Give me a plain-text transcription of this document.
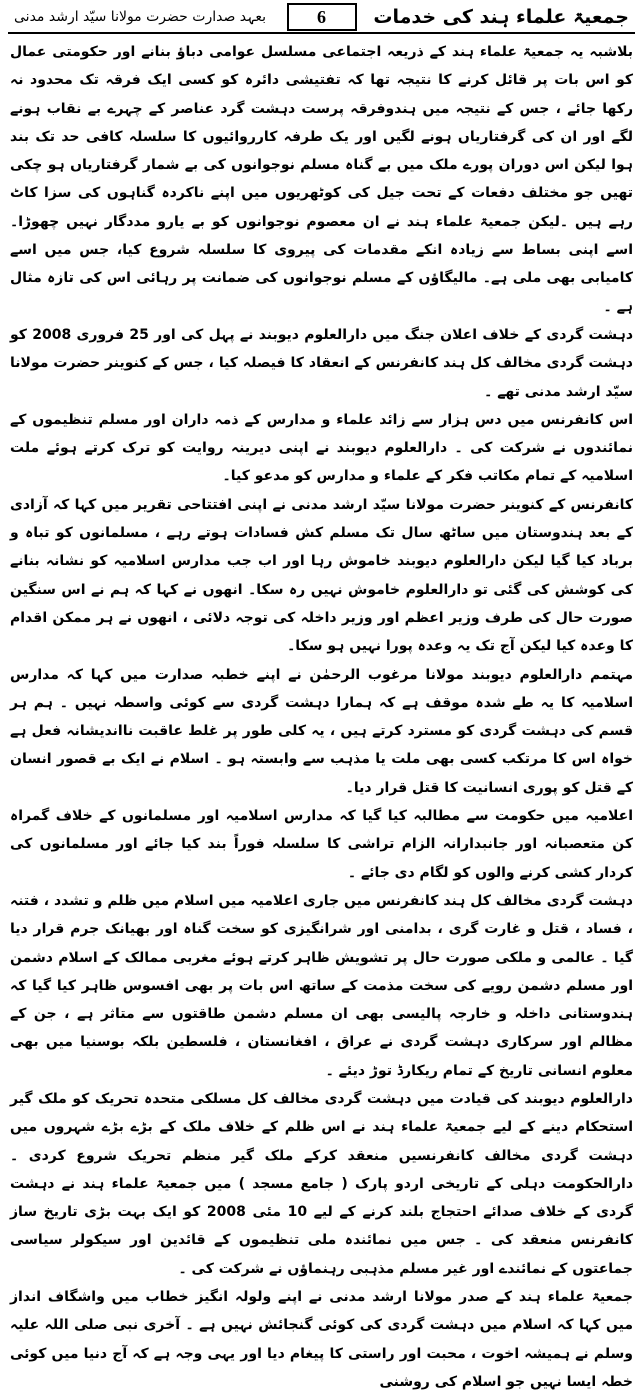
جمعیۃ علماء ہند کی خدمات
بعہد صدارت حضرت مولانا سیّد ارشد مدنی	6

بلاشبہ یہ جمعیۃ علماء ہند کے ذریعہ اجتماعی مسلسل عوامی دباؤ بنانے اور حکومتی عمال کو اس بات پر قائل کرنے کا نتیجہ تھا کہ تفتیشی دائرہ کو کسی ایک فرقہ تک محدود نہ رکھا جائے ، جس کے نتیجہ میں ہندوفرقہ پرست دہشت گرد عناصر کے چہرے بے نقاب ہونے لگے اور ان کی گرفتاریاں ہونے لگیں اور یک طرفہ کارروائیوں کا سلسلہ کافی حد تک بند ہوا لیکن اس دوران پورے ملک میں بے گناہ مسلم نوجوانوں کی بے شمار گرفتاریاں ہو چکی تھیں جو مختلف دفعات کے تحت جیل کی کوٹھریوں میں اپنے ناکردہ گناہوں کی سزا کاٹ رہے ہیں ۔لیکن جمعیۃ علماء ہند نے ان معصوم نوجوانوں کو بے یارو مددگار نہیں چھوڑا۔ اسے اپنی بساط سے زیادہ انکے مقدمات کی پیروی کا سلسلہ شروع کیا، جس میں اسے کامیابی بھی ملی ہے۔ مالیگاؤں کے مسلم نوجوانوں کی ضمانت پر رہائی اس کی تازہ مثال ہے ۔

دہشت گردی کے خلاف اعلان جنگ میں دارالعلوم دیوبند نے پہل کی اور 25 فروری 2008 کو دہشت گردی مخالف کل ہند کانفرنس کے انعقاد کا فیصلہ کیا ، جس کے کنوینر حضرت مولانا سیّد ارشد مدنی تھے ۔

اس کانفرنس میں دس ہزار سے زائد علماء و مدارس کے ذمہ داران اور مسلم تنظیموں کے نمائندوں نے شرکت کی ۔ دارالعلوم دیوبند نے اپنی دیرینہ روایت کو ترک کرتے ہوئے ملت اسلامیہ کے تمام مکاتب فکر کے علماء و مدارس کو مدعو کیا۔

کانفرنس کے کنوینر حضرت مولانا سیّد ارشد مدنی نے اپنی افتتاحی تقریر میں کہا کہ آزادی کے بعد ہندوستان میں ساٹھ سال تک مسلم کش فسادات ہوتے رہے ، مسلمانوں کو تباہ و برباد کیا گیا لیکن دارالعلوم دیوبند خاموش رہا اور اب جب مدارس اسلامیہ کو نشانہ بنانے کی کوشش کی گئی تو دارالعلوم خاموش نہیں رہ سکا۔ انھوں نے کہا کہ ہم نے اس سنگین صورت حال کی طرف وزیر اعظم اور وزیر داخلہ کی توجہ دلائی ، انھوں نے ہر ممکن اقدام کا وعدہ کیا لیکن آج تک یہ وعدہ پورا نہیں ہو سکا۔

مہتمم دارالعلوم دیوبند مولانا مرغوب الرحمٰن نے اپنے خطبہ صدارت میں کہا کہ مدارس اسلامیہ کا یہ طے شدہ موقف ہے کہ ہمارا دہشت گردی سے کوئی واسطہ نہیں ۔ ہم ہر قسم کی دہشت گردی کو مسترد کرتے ہیں ، یہ کلی طور پر غلط عاقبت نااندیشانہ فعل ہے خواہ اس کا مرتکب کسی بھی ملت یا مذہب سے وابستہ ہو ۔ اسلام نے ایک بے قصور انسان کے قتل کو پوری انسانیت کا قتل قرار دیا۔

اعلامیہ میں حکومت سے مطالبہ کیا گیا کہ مدارس اسلامیہ اور مسلمانوں کے خلاف گمراہ کن متعصبانہ اور جانبدارانہ الزام تراشی کا سلسلہ فوراً بند کیا جائے اور مسلمانوں کی کردار کشی کرنے والوں کو لگام دی جائے ۔

دہشت گردی مخالف کل ہند کانفرنس میں جاری اعلامیہ میں اسلام میں ظلم و تشدد ، فتنہ ، فساد ، قتل و غارت گری ، بدامنی اور شرانگیزی کو سخت گناہ اور بھیانک جرم قرار دیا گیا ۔ عالمی و ملکی صورت حال پر تشویش ظاہر کرتے ہوئے مغربی ممالک کے اسلام دشمن اور مسلم دشمن رویے کی سخت مذمت کے ساتھ اس بات پر بھی افسوس ظاہر کیا گیا کہ ہندوستانی داخلہ و خارجہ پالیسی بھی ان مسلم دشمن طاقتوں سے متاثر ہے ، جن کے مظالم اور سرکاری دہشت گردی نے عراق ، افغانستان ، فلسطین بلکہ بوسنیا میں بھی معلوم انسانی تاریخ کے تمام ریکارڈ توڑ دیئے ۔

دارالعلوم دیوبند کی قیادت میں دہشت گردی مخالف کل مسلکی متحدہ تحریک کو ملک گیر استحکام دینے کے لیے جمعیۃ علماء ہند نے اس ظلم کے خلاف ملک کے بڑے بڑے شہروں میں دہشت گردی مخالف کانفرنسیں منعقد کرکے ملک گیر منظم تحریک شروع کردی ۔ دارالحکومت دہلی کے تاریخی اردو پارک ( جامع مسجد ) میں جمعیۃ علماء ہند نے دہشت گردی کے خلاف صدائے احتجاج بلند کرنے کے لیے 10 مئی 2008 کو ایک بہت بڑی تاریخ ساز کانفرنس منعقد کی ۔ جس میں نمائندہ ملی تنظیموں کے قائدین اور سیکولر سیاسی جماعتوں کے نمائندے اور غیر مسلم مذہبی رہنماؤں نے شرکت کی ۔

جمعیۃ علماء ہند کے صدر مولانا ارشد مدنی نے اپنے ولولہ انگیز خطاب میں واشگاف انداز میں کہا کہ اسلام میں دہشت گردی کی کوئی گنجائش نہیں ہے ۔ آخری نبی صلی اللہ علیہ وسلم نے ہمیشہ اخوت ، محبت اور راستی کا پیغام دیا اور یہی وجہ ہے کہ آج دنیا میں کوئی خطہ ایسا نہیں جو اسلام کی روشنی
